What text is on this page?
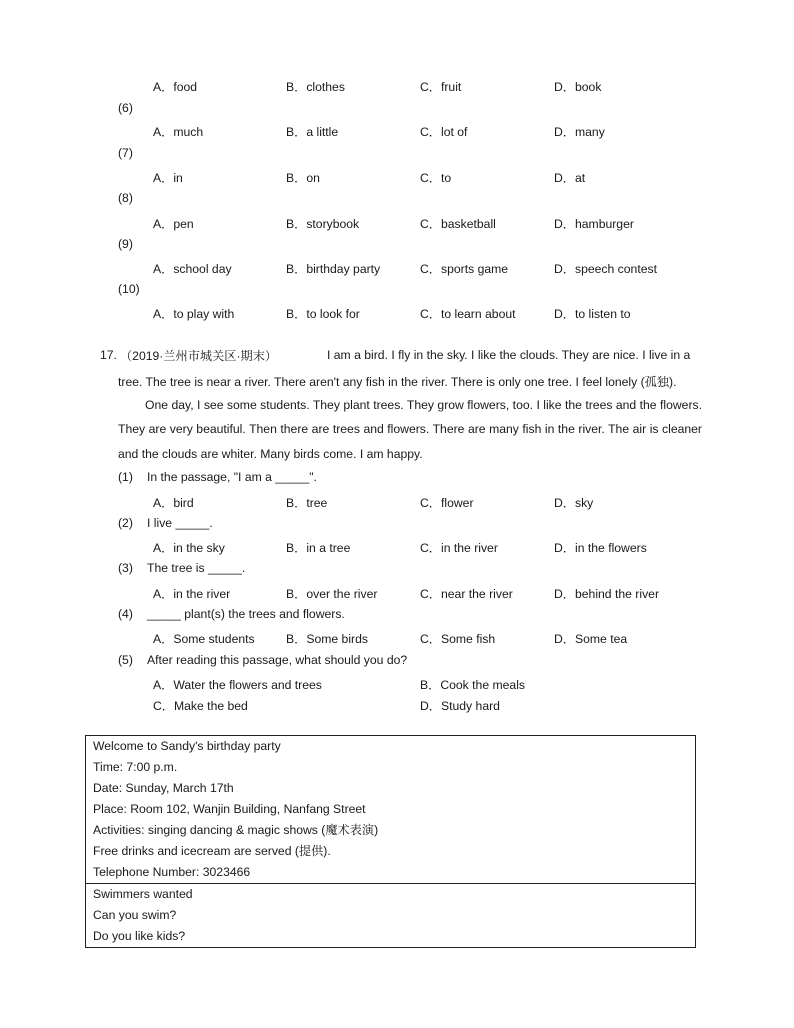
A．food	B．clothes	C．fruit	D．book
(6)
A．much	B．a little	C．lot of	D．many
(7)
A．in	B．on	C．to	D．at
(8)
A．pen	B．storybook	C．basketball	D．hamburger
(9)
A．school day	B．birthday party	C．sports game	D．speech contest
(10)
A．to play with	B．to look for	C．to learn about	D．to listen to
17. （2019·兰州市城关区·期末）	I am a bird. I fly in the sky. I like the clouds. They are nice. I live in a
tree. The tree is near a river. There aren't any fish in the river. There is only one tree. I feel lonely (孤独).
One day, I see some students. They plant trees. They grow flowers, too. I like the trees and the flowers. They are very beautiful. Then there are trees and flowers. There are many fish in the river. The air is cleaner and the clouds are whiter. Many birds come. I am happy.
(1) In the passage, "I am a _____".
A．bird	B．tree	C．flower	D．sky
(2) I live _____.
A．in the sky	B．in a tree	C．in the river	D．in the flowers
(3) The tree is _____.
A．in the river	B．over the river	C．near the river	D．behind the river
(4) _____ plant(s) the trees and flowers.
A．Some students	B．Some birds	C．Some fish	D．Some tea
(5) After reading this passage, what should you do?
A．Water the flowers and trees	B．Cook the meals
C．Make the bed	D．Study hard
Welcome to Sandy's birthday party
Time: 7:00 p.m.
Date: Sunday, March 17th
Place: Room 102, Wanjin Building, Nanfang Street
Activities: singing dancing & magic shows (魔术表演)
Free drinks and icecream are served (提供).
Telephone Number: 3023466
Swimmers wanted
Can you swim?
Do you like kids?
